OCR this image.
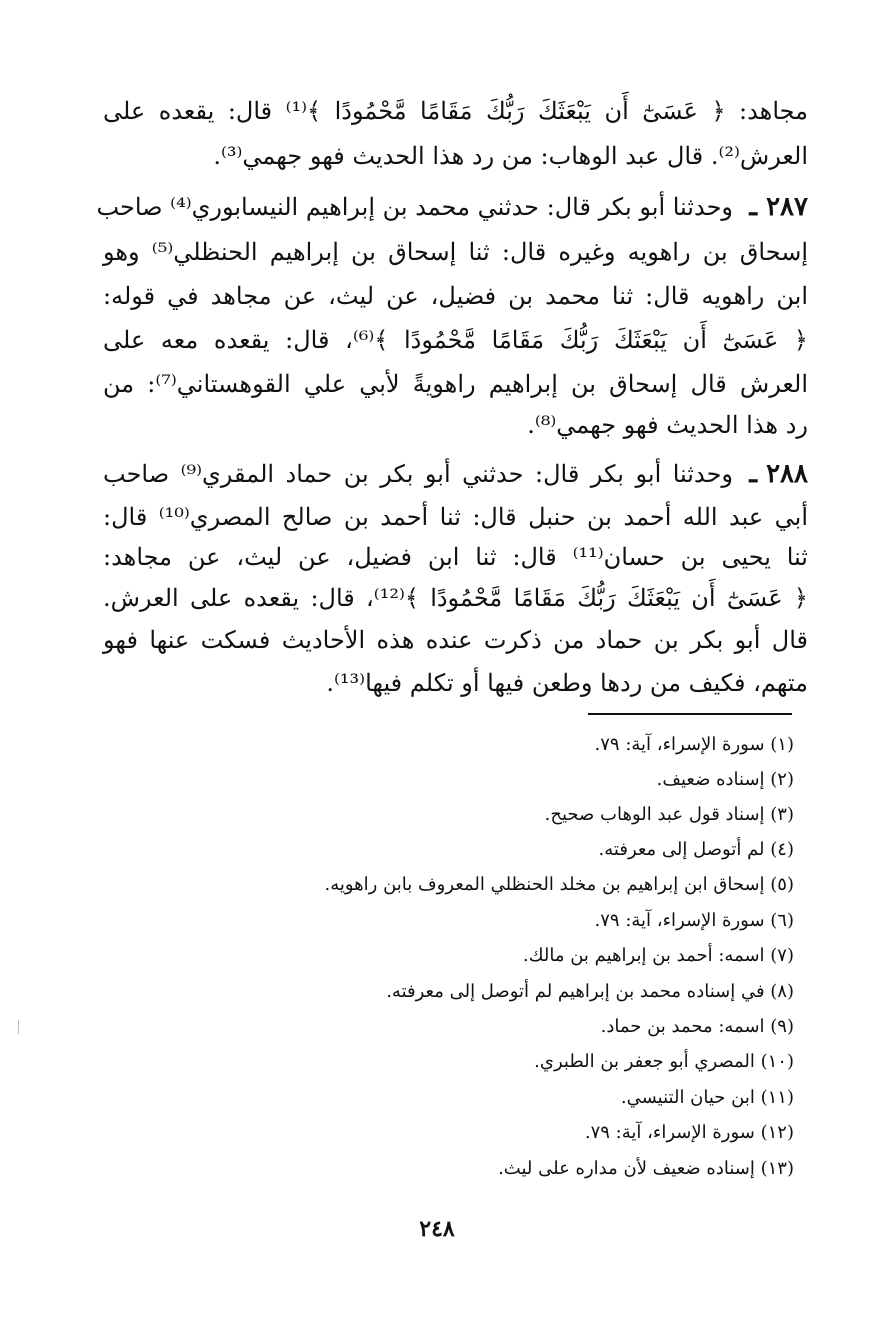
مجاهد: ﴿ عَسَىٰٓ أَن يَبْعَثَكَ رَبُّكَ مَقَامًا مَّحْمُودًا ﴾⁽¹⁾ قال: يقعده على
العرش⁽²⁾. قال عبد الوهاب: من رد هذا الحديث فهو جهمي⁽³⁾.
٢٨٧ ـ
وحدثنا أبو بكر قال: حدثني محمد بن إبراهيم النيسابوري⁽⁴⁾ صاحب
إسحاق بن راهويه وغيره قال: ثنا إسحاق بن إبراهيم الحنظلي⁽⁵⁾ وهو
ابن راهويه قال: ثنا محمد بن فضيل، عن ليث، عن مجاهد في قوله:
﴿ عَسَىٰٓ أَن يَبْعَثَكَ رَبُّكَ مَقَامًا مَّحْمُودًا ﴾⁽⁶⁾، قال: يقعده معه على
العرش قال إسحاق بن إبراهيم راهويةً لأبي علي القوهستاني⁽⁷⁾: من
رد هذا الحديث فهو جهمي⁽⁸⁾.
٢٨٨ ـ
وحدثنا أبو بكر قال: حدثني أبو بكر بن حماد المقري⁽⁹⁾ صاحب
أبي عبد الله أحمد بن حنبل قال: ثنا أحمد بن صالح المصري⁽¹⁰⁾ قال:
ثنا يحيى بن حسان⁽¹¹⁾ قال: ثنا ابن فضيل، عن ليث، عن مجاهد:
﴿ عَسَىٰٓ أَن يَبْعَثَكَ رَبُّكَ مَقَامًا مَّحْمُودًا ﴾⁽¹²⁾، قال: يقعده على العرش.
قال أبو بكر بن حماد من ذكرت عنده هذه الأحاديث فسكت عنها فهو
متهم، فكيف من ردها وطعن فيها أو تكلم فيها⁽¹³⁾.
(١) سورة الإسراء، آية: ٧٩.
(٢) إسناده ضعيف.
(٣) إسناد قول عبد الوهاب صحيح.
(٤) لم أتوصل إلى معرفته.
(٥) إسحاق ابن إبراهيم بن مخلد الحنظلي المعروف بابن راهويه.
(٦) سورة الإسراء، آية: ٧٩.
(٧) اسمه: أحمد بن إبراهيم بن مالك.
(٨) في إسناده محمد بن إبراهيم لم أتوصل إلى معرفته.
(٩) اسمه: محمد بن حماد.
(١٠) المصري أبو جعفر بن الطبري.
(١١) ابن حيان التنيسي.
(١٢) سورة الإسراء، آية: ٧٩.
(١٣) إسناده ضعيف لأن مداره على ليث.
٢٤٨
